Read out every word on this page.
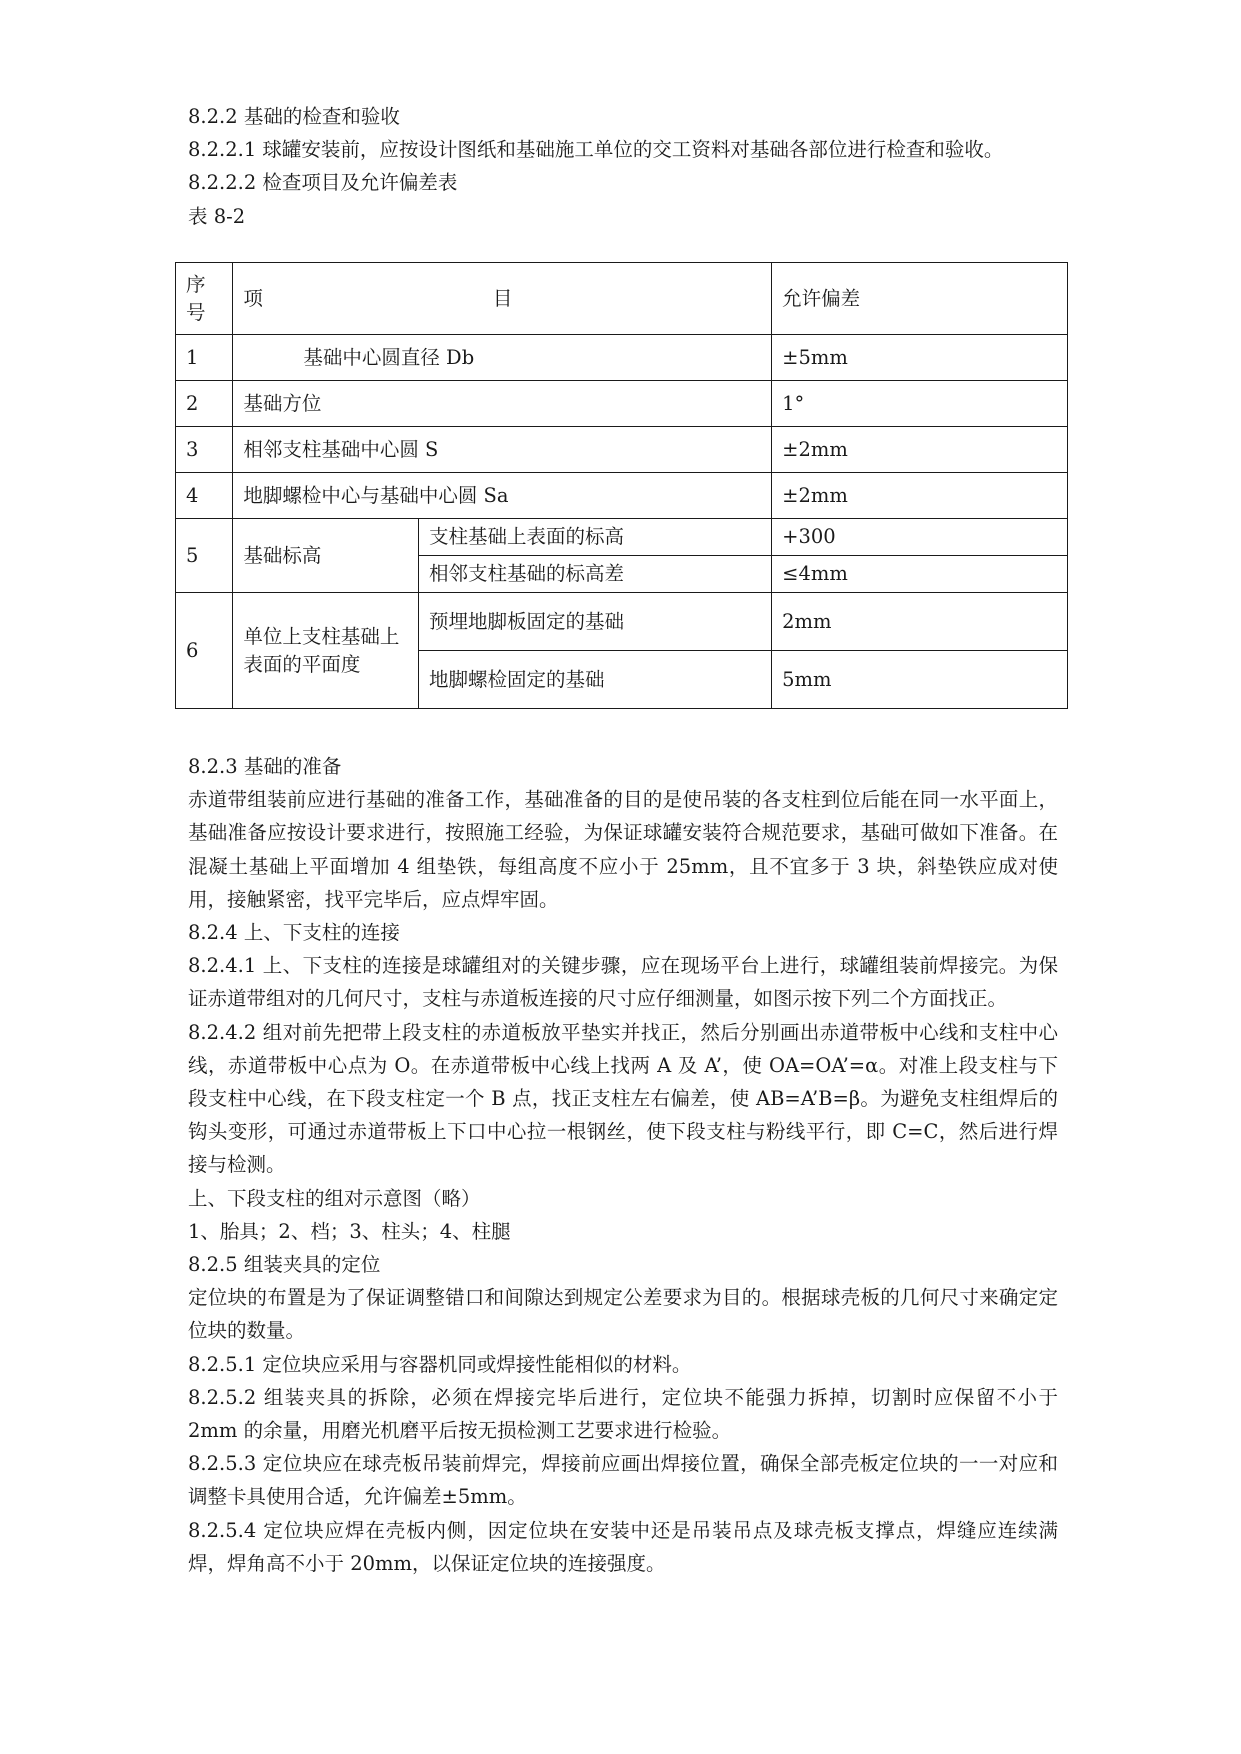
8.2.2 基础的检查和验收

8.2.2.1 球罐安装前，应按设计图纸和基础施工单位的交工资料对基础各部位进行检查和验收。

8.2.2.2 检查项目及允许偏差表

表 8-2

序号	项 目		允许偏差
1	基础中心圆直径 Db		±5mm
2	基础方位		1°
3	相邻支柱基础中心圆 S		±2mm
4	地脚螺检中心与基础中心圆 Sa		±2mm
5	基础标高	支柱基础上表面的标高	+300
		相邻支柱基础的标高差	≤4mm
6	单位上支柱基础上表面的平面度	预埋地脚板固定的基础	2mm
		地脚螺检固定的基础	5mm

8.2.3 基础的准备

赤道带组装前应进行基础的准备工作，基础准备的目的是使吊装的各支柱到位后能在同一水平面上，基础准备应按设计要求进行，按照施工经验，为保证球罐安装符合规范要求，基础可做如下准备。在混凝土基础上平面增加 4 组垫铁，每组高度不应小于 25mm，且不宜多于 3 块，斜垫铁应成对使用，接触紧密，找平完毕后，应点焊牢固。

8.2.4 上、下支柱的连接

8.2.4.1 上、下支柱的连接是球罐组对的关键步骤，应在现场平台上进行，球罐组装前焊接完。为保证赤道带组对的几何尺寸，支柱与赤道板连接的尺寸应仔细测量，如图示按下列二个方面找正。

8.2.4.2 组对前先把带上段支柱的赤道板放平垫实并找正，然后分别画出赤道带板中心线和支柱中心线，赤道带板中心点为 O。在赤道带板中心线上找两 A 及 A’，使 OA=OA’=α。对准上段支柱与下段支柱中心线，在下段支柱定一个 B 点，找正支柱左右偏差，使 AB=A’B=β。为避免支柱组焊后的钩头变形，可通过赤道带板上下口中心拉一根钢丝，使下段支柱与粉线平行，即 C=C，然后进行焊接与检测。

上、下段支柱的组对示意图（略）

1、胎具；2、档；3、柱头；4、柱腿

8.2.5 组装夹具的定位

定位块的布置是为了保证调整错口和间隙达到规定公差要求为目的。根据球壳板的几何尺寸来确定定位块的数量。

8.2.5.1 定位块应采用与容器机同或焊接性能相似的材料。

8.2.5.2 组装夹具的拆除，必须在焊接完毕后进行，定位块不能强力拆掉，切割时应保留不小于 2mm 的余量，用磨光机磨平后按无损检测工艺要求进行检验。

8.2.5.3 定位块应在球壳板吊装前焊完，焊接前应画出焊接位置，确保全部壳板定位块的一一对应和调整卡具使用合适，允许偏差±5mm。

8.2.5.4 定位块应焊在壳板内侧，因定位块在安装中还是吊装吊点及球壳板支撑点，焊缝应连续满焊，焊角高不小于 20mm，以保证定位块的连接强度。
